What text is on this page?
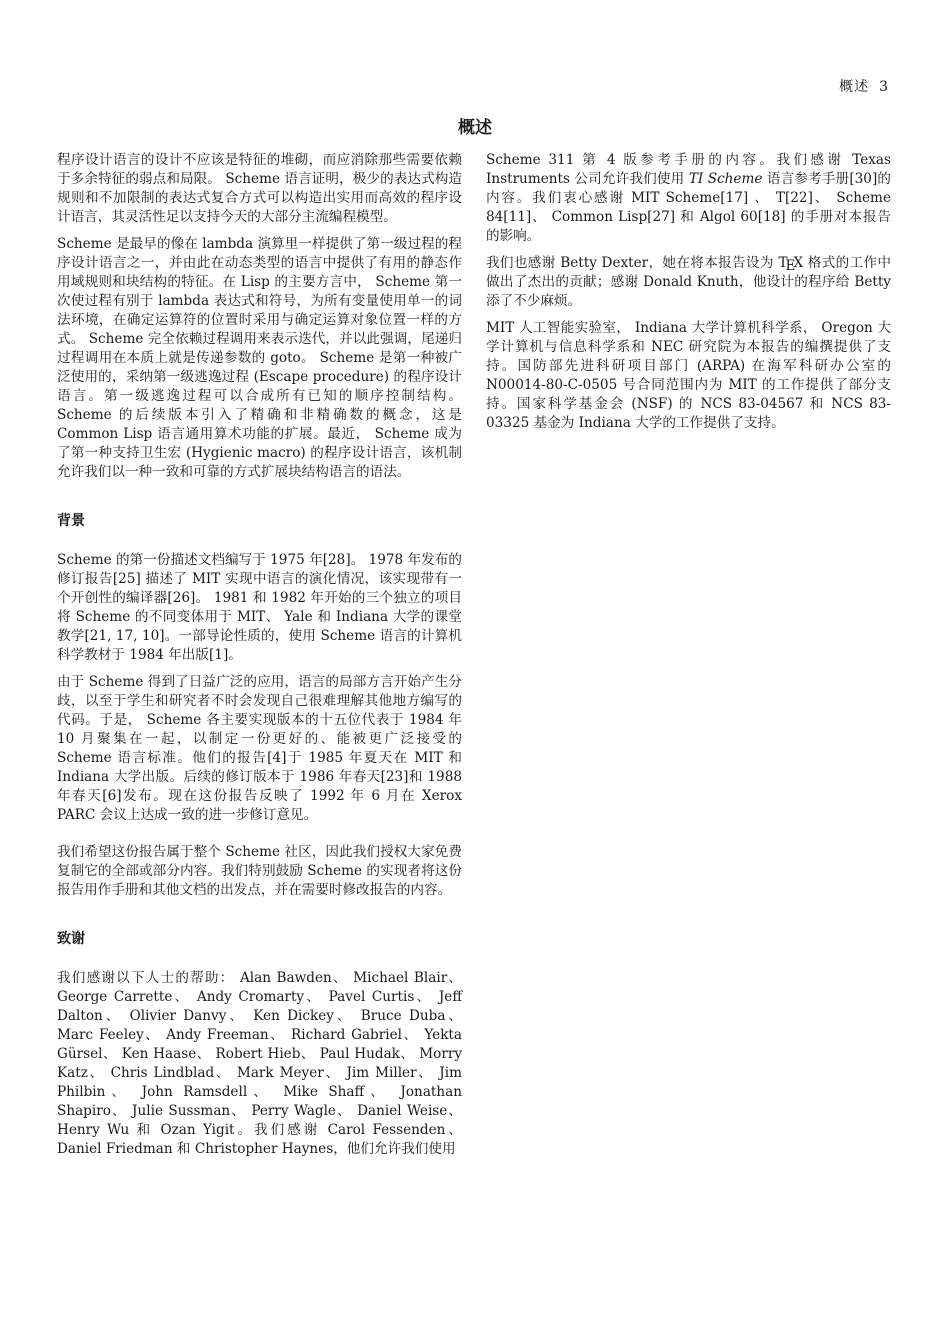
概述 3
概述

程序设计语言的设计不应该是特征的堆砌，而应消除那些需要依赖于多余特征的弱点和局限。 Scheme 语言证明，极少的表达式构造规则和不加限制的表达式复合方式可以构造出实用而高效的程序设计语言，其灵活性足以支持今天的大部分主流编程模型。

Scheme 是最早的像在 lambda 演算里一样提供了第一级过程的程序设计语言之一，并由此在动态类型的语言中提供了有用的静态作用域规则和块结构的特征。在 Lisp 的主要方言中， Scheme 第一次使过程有别于 lambda 表达式和符号，为所有变量使用单一的词法环境，在确定运算符的位置时采用与确定运算对象位置一样的方式。 Scheme 完全依赖过程调用来表示迭代，并以此强调，尾递归过程调用在本质上就是传递参数的 goto。 Scheme 是第一种被广泛使用的，采纳第一级逃逸过程 (Escape procedure) 的程序设计语言。第一级逃逸过程可以合成所有已知的顺序控制结构。 Scheme 的后续版本引入了精确和非精确数的概念，这是 Common Lisp 语言通用算术功能的扩展。最近， Scheme 成为了第一种支持卫生宏 (Hygienic macro) 的程序设计语言，该机制允许我们以一种一致和可靠的方式扩展块结构语言的语法。

背景

Scheme 的第一份描述文档编写于 1975 年[28]。 1978 年发布的修订报告[25] 描述了 MIT 实现中语言的演化情况，该实现带有一个开创性的编译器[26]。 1981 和 1982 年开始的三个独立的项目将 Scheme 的不同变体用于 MIT、 Yale 和 Indiana 大学的课堂教学[21, 17, 10]。一部导论性质的，使用 Scheme 语言的计算机科学教材于 1984 年出版[1]。

由于 Scheme 得到了日益广泛的应用，语言的局部方言开始产生分歧，以至于学生和研究者不时会发现自己很难理解其他地方编写的代码。于是， Scheme 各主要实现版本的十五位代表于 1984 年 10 月聚集在一起，以制定一份更好的、能被更广泛接受的 Scheme 语言标准。他们的报告[4]于 1985 年夏天在 MIT 和 Indiana 大学出版。后续的修订版本于 1986 年春天[23]和 1988 年春天[6]发布。现在这份报告反映了 1992 年 6 月在 Xerox PARC 会议上达成一致的进一步修订意见。

我们希望这份报告属于整个 Scheme 社区，因此我们授权大家免费复制它的全部或部分内容。我们特别鼓励 Scheme 的实现者将这份报告用作手册和其他文档的出发点，并在需要时修改报告的内容。

致谢

我们感谢以下人士的帮助： Alan Bawden、 Michael Blair、 George Carrette、 Andy Cromarty、 Pavel Curtis、 Jeff Dalton、 Olivier Danvy、 Ken Dickey、 Bruce Duba、 Marc Feeley、 Andy Freeman、 Richard Gabriel、 Yekta Gürsel、 Ken Haase、 Robert Hieb、 Paul Hudak、 Morry Katz、 Chris Lindblad、 Mark Meyer、 Jim Miller、 Jim Philbin、 John Ramsdell、 Mike Shaff、 Jonathan Shapiro、 Julie Sussman、 Perry Wagle、 Daniel Weise、 Henry Wu 和 Ozan Yigit。我们感谢 Carol Fessenden、 Daniel Friedman 和 Christopher Haynes，他们允许我们使用

Scheme 311 第 4 版参考手册的内容。我们感谢 Texas Instruments 公司允许我们使用 TI Scheme 语言参考手册[30]的内容。我们衷心感谢 MIT Scheme[17] 、 T[22]、 Scheme 84[11]、 Common Lisp[27] 和 Algol 60[18] 的手册对本报告的影响。

我们也感谢 Betty Dexter，她在将本报告设为 TEX 格式的工作中做出了杰出的贡献；感谢 Donald Knuth，他设计的程序给 Betty 添了不少麻烦。

MIT 人工智能实验室， Indiana 大学计算机科学系， Oregon 大学计算机与信息科学系和 NEC 研究院为本报告的编撰提供了支持。国防部先进科研项目部门 (ARPA) 在海军科研办公室的 N00014-80-C-0505 号合同范围内为 MIT 的工作提供了部分支持。国家科学基金会 (NSF) 的 NCS 83-04567 和 NCS 83-03325 基金为 Indiana 大学的工作提供了支持。
